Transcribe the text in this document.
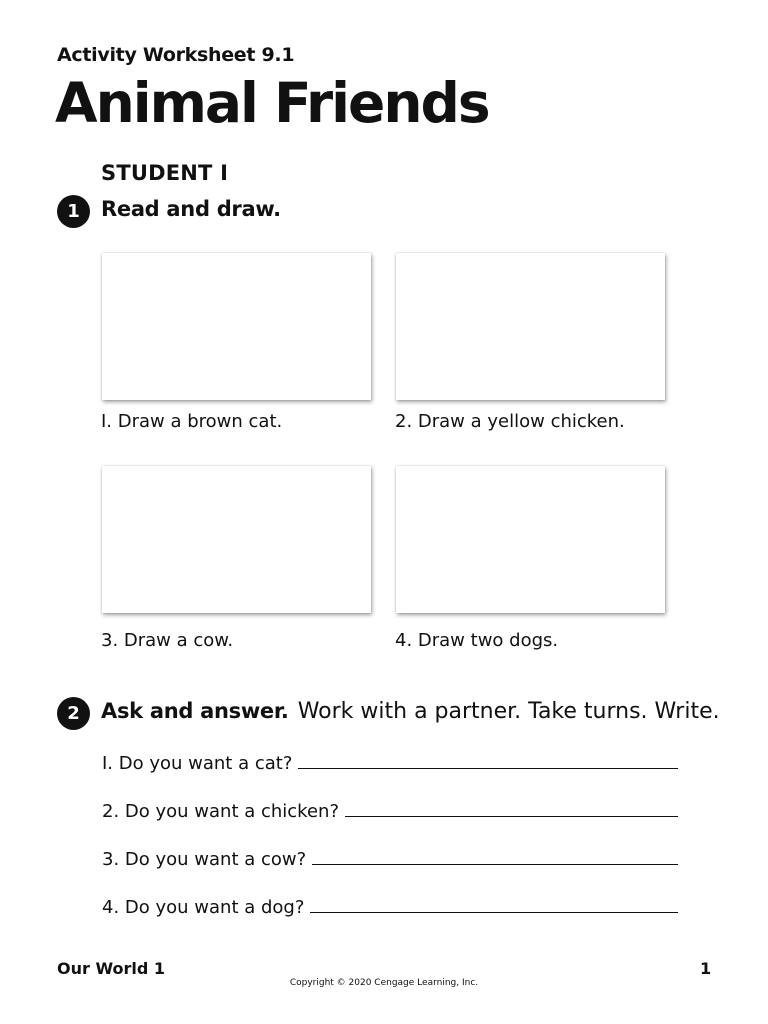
Activity Worksheet 9.1
Animal Friends
STUDENT I
1	Read and draw.
I. Draw a brown cat.	2. Draw a yellow chicken.
3. Draw a cow.	4. Draw two dogs.
2	Ask and answer. Work with a partner. Take turns. Write.
I. Do you want a cat?
2. Do you want a chicken?
3. Do you want a cow?
4. Do you want a dog?
Our World 1	1
Copyright © 2020 Cengage Learning, Inc.
